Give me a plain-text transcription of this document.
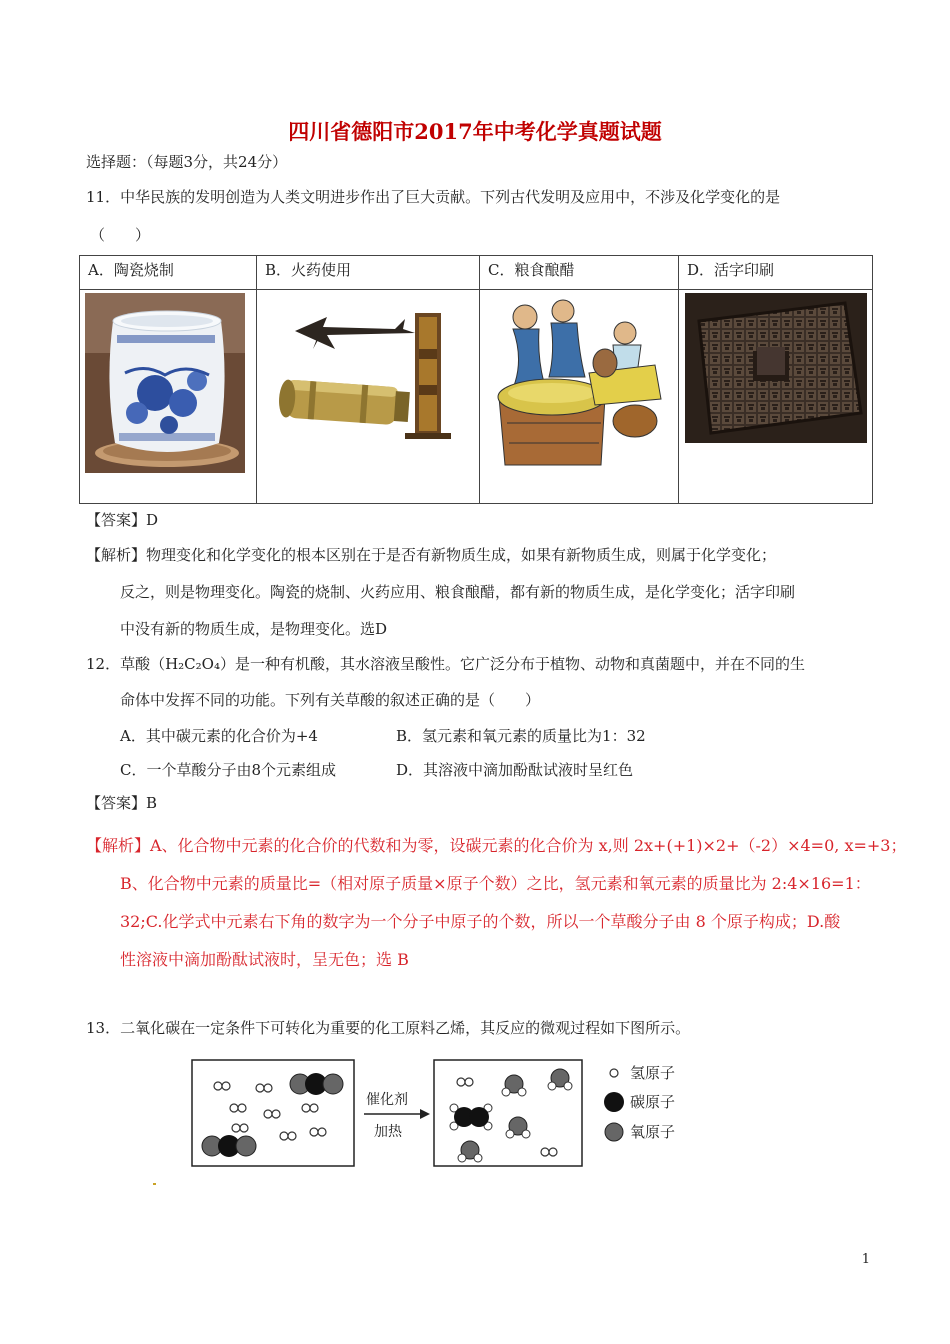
四川省德阳市2017年中考化学真题试题
选择题：（每题3分，共24分）
11．中华民族的发明创造为人类文明进步作出了巨大贡献。下列古代发明及应用中，不涉及化学变化的是
（　　）
A．陶瓷烧制	B．火药使用	C．粮食酿醋	D．活字印刷

【答案】D
【解析】物理变化和化学变化的根本区别在于是否有新物质生成，如果有新物质生成，则属于化学变化；
反之，则是物理变化。陶瓷的烧制、火药应用、粮食酿醋，都有新的物质生成，是化学变化；活字印刷
中没有新的物质生成，是物理变化。选D
12．草酸（H₂C₂O₄）是一种有机酸，其水溶液呈酸性。它广泛分布于植物、动物和真菌题中，并在不同的生
命体中发挥不同的功能。下列有关草酸的叙述正确的是（　　）
A．其中碳元素的化合价为+4	B．氢元素和氧元素的质量比为1：32
C．一个草酸分子由8个元素组成	D．其溶液中滴加酚酞试液时呈红色
【答案】B
【解析】A、化合物中元素的化合价的代数和为零，设碳元素的化合价为 x,则 2x+(+1)×2+（-2）×4=0, x=+3；
B、化合物中元素的质量比=（相对原子质量×原子个数）之比，氢元素和氧元素的质量比为 2:4×16=1：
32;C.化学式中元素右下角的数字为一个分子中原子的个数，所以一个草酸分子由 8 个原子构成；D.酸
性溶液中滴加酚酞试液时，呈无色；选 B
13．二氧化碳在一定条件下可转化为重要的化工原料乙烯，其反应的微观过程如下图所示。
催化剂
加热
氢原子
碳原子
氧原子
1
